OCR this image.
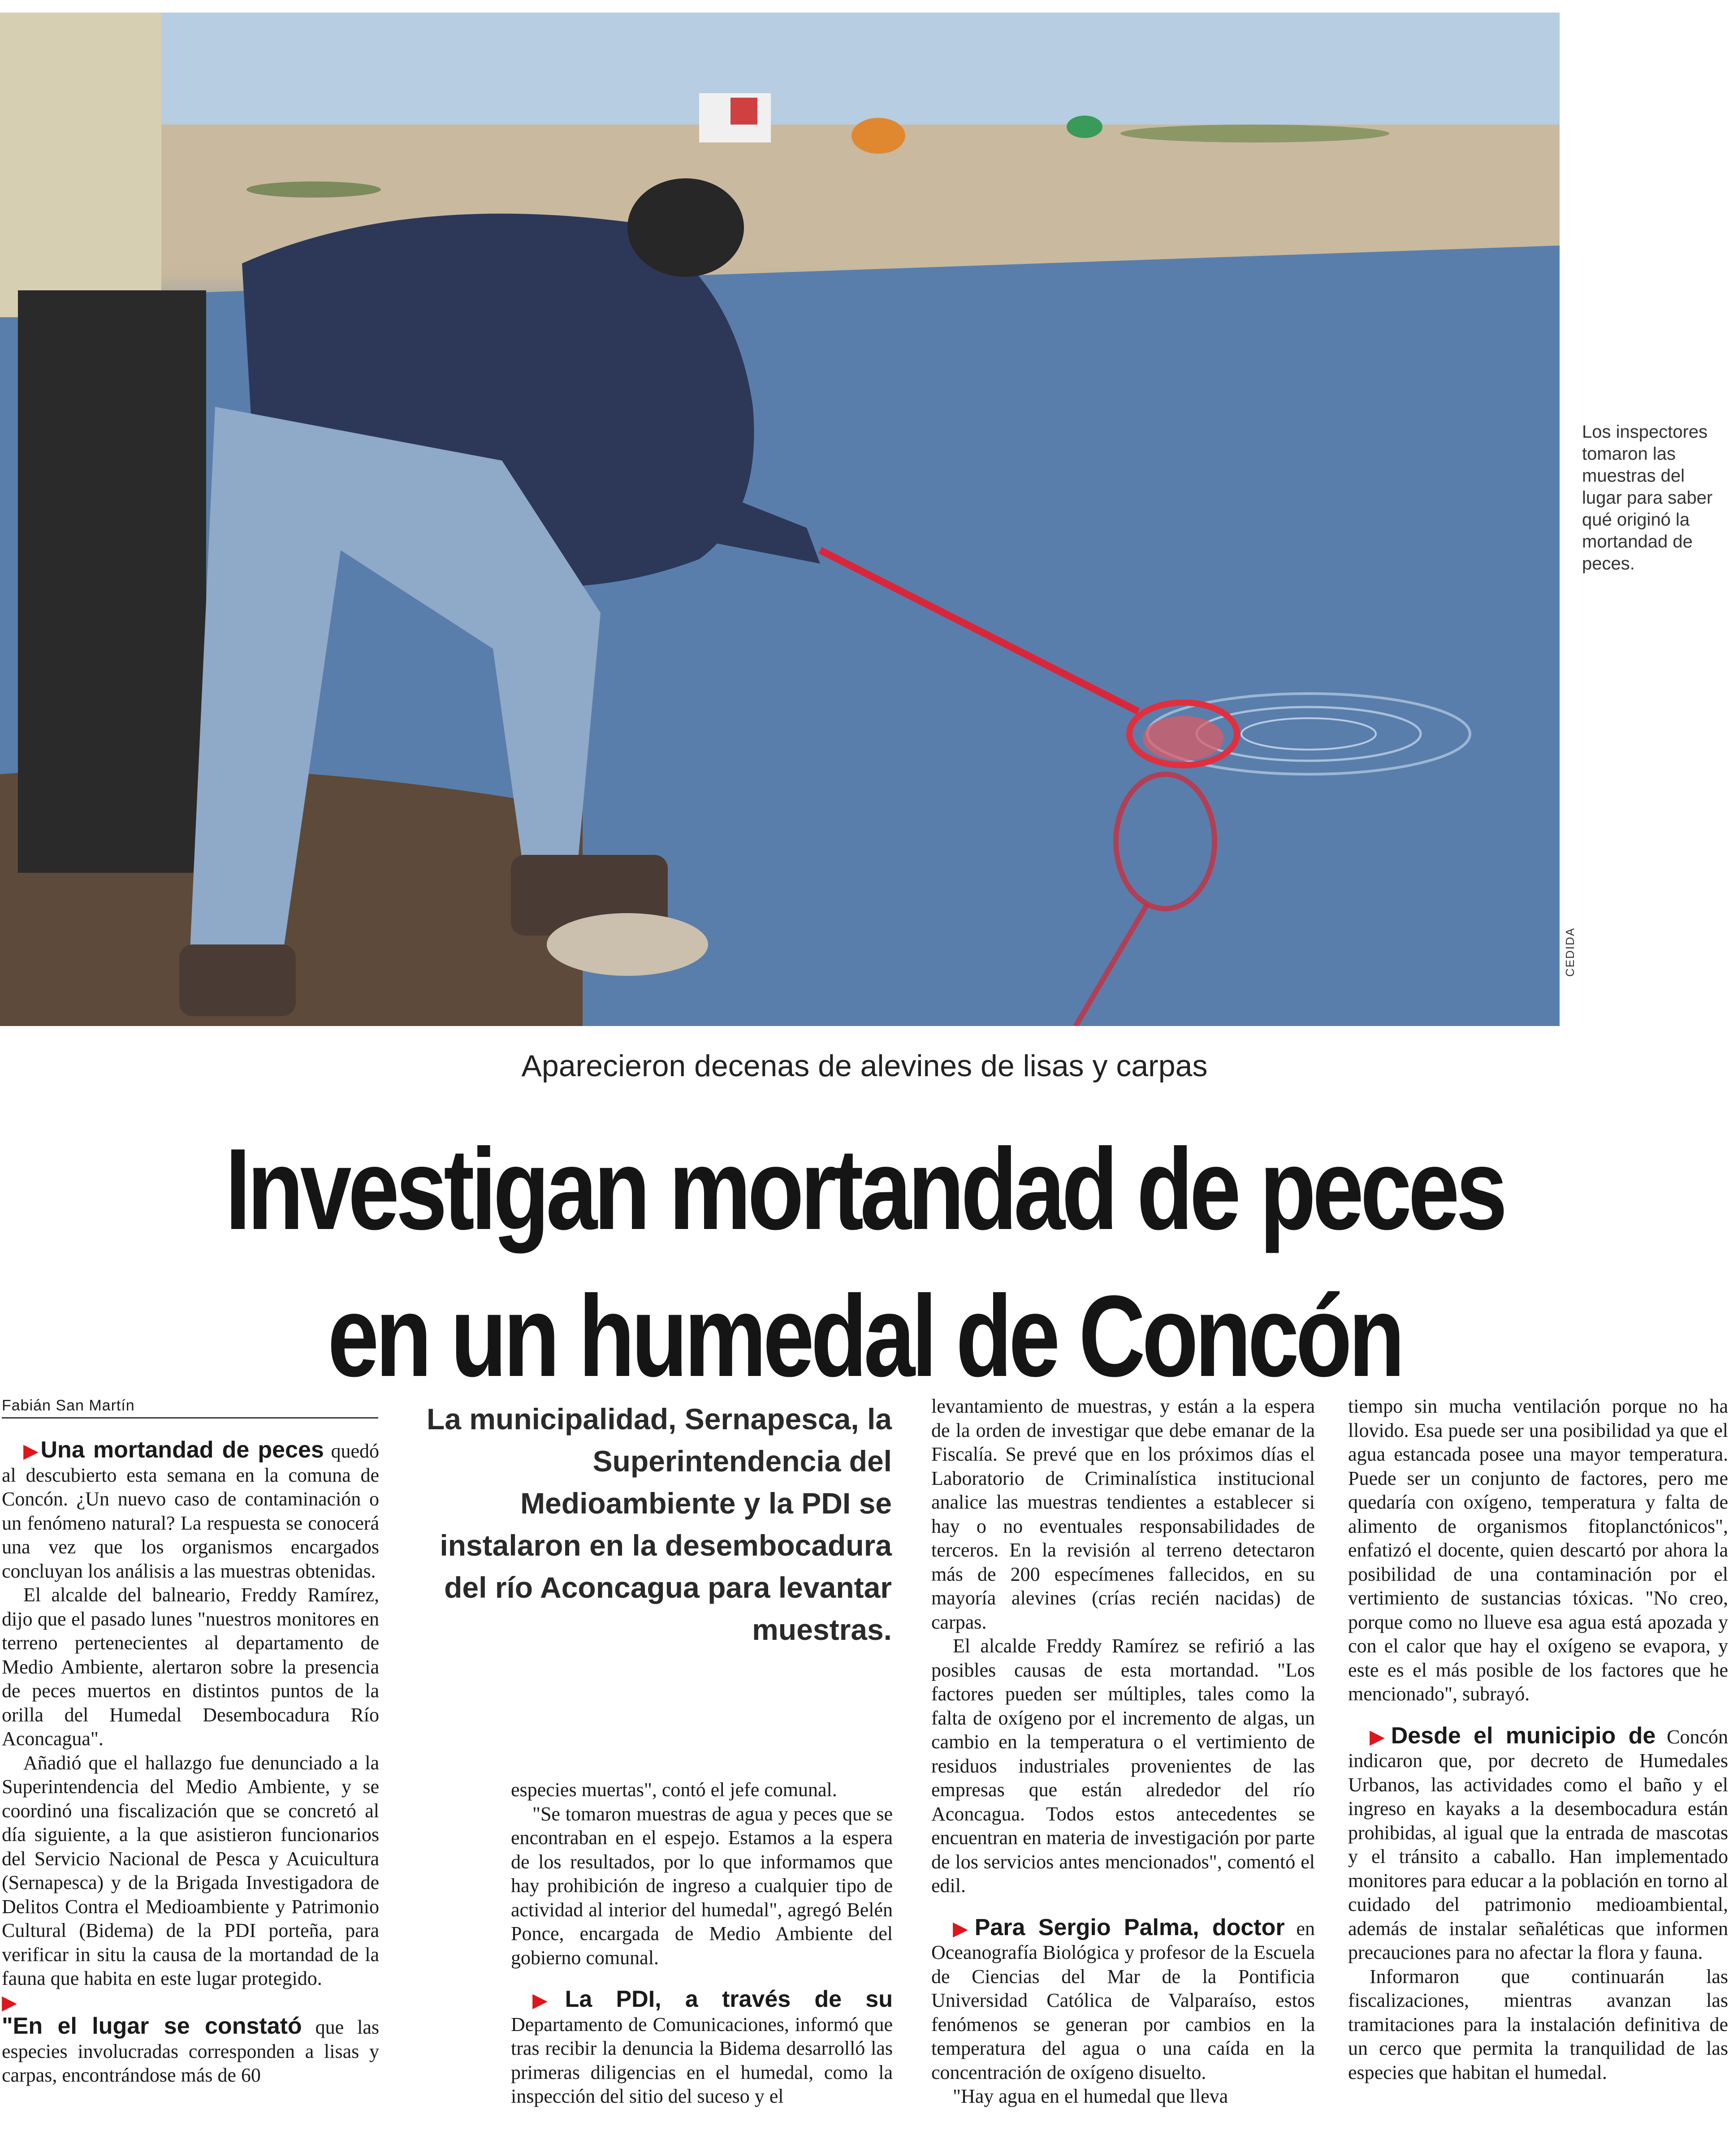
CEDIDA
Los inspectores tomaron las muestras del lugar para saber qué originó la mortandad de peces.
Aparecieron decenas de alevines de lisas y carpas
Investigan mortandad de peces
en un humedal de Concón
Fabián San Martín	La municipalidad, Sernapesca, la Superintendencia del Medioambiente y la PDI se instalaron en la desembocadura del río Aconcagua para levantar muestras.

▶Una mortandad de peces quedó al descubierto esta semana en la comuna de Concón. ¿Un nuevo caso de contaminación o un fenómeno natural? La respuesta se conocerá una vez que los organismos encargados concluyan los análisis a las muestras obtenidas.

El alcalde del balneario, Freddy Ramírez, dijo que el pasado lunes "nuestros monitores en terreno pertenecientes al departamento de Medio Ambiente, alertaron sobre la presencia de peces muertos en distintos puntos de la orilla del Humedal Desembocadura Río Aconcagua".

Añadió que el hallazgo fue denunciado a la Superintendencia del Medio Ambiente, y se coordinó una fiscalización que se concretó al día siguiente, a la que asistieron funcionarios del Servicio Nacional de Pesca y Acuicultura (Sernapesca) y de la Brigada Investigadora de Delitos Contra el Medioambiente y Patrimonio Cultural (Bidema) de la PDI porteña, para verificar in situ la causa de la mortandad de la fauna que habita en este lugar protegido.

▶
"En el lugar se constató que las especies involucradas corresponden a lisas y carpas, encontrándose más de 60

especies muertas", contó el jefe comunal.

"Se tomaron muestras de agua y peces que se encontraban en el espejo. Estamos a la espera de los resultados, por lo que informamos que hay prohibición de ingreso a cualquier tipo de actividad al interior del humedal", agregó Belén Ponce, encargada de Medio Ambiente del gobierno comunal.

▶La PDI, a través de su Departamento de Comunicaciones, informó que tras recibir la denuncia la Bidema desarrolló las primeras diligencias en el humedal, como la inspección del sitio del suceso y el

levantamiento de muestras, y están a la espera de la orden de investigar que debe emanar de la Fiscalía. Se prevé que en los próximos días el Laboratorio de Criminalística institucional analice las muestras tendientes a establecer si hay o no eventuales responsabilidades de terceros. En la revisión al terreno detectaron más de 200 especímenes fallecidos, en su mayoría alevines (crías recién nacidas) de carpas.

El alcalde Freddy Ramírez se refirió a las posibles causas de esta mortandad. "Los factores pueden ser múltiples, tales como la falta de oxígeno por el incremento de algas, un cambio en la temperatura o el vertimiento de residuos industriales provenientes de las empresas que están alrededor del río Aconcagua. Todos estos antecedentes se encuentran en materia de investigación por parte de los servicios antes mencionados", comentó el edil.

▶Para Sergio Palma, doctor en Oceanografía Biológica y profesor de la Escuela de Ciencias del Mar de la Pontificia Universidad Católica de Valparaíso, estos fenómenos se generan por cambios en la temperatura del agua o una caída en la concentración de oxígeno disuelto.

"Hay agua en el humedal que lleva

tiempo sin mucha ventilación porque no ha llovido. Esa puede ser una posibilidad ya que el agua estancada posee una mayor temperatura. Puede ser un conjunto de factores, pero me quedaría con oxígeno, temperatura y falta de alimento de organismos fitoplanctónicos", enfatizó el docente, quien descartó por ahora la posibilidad de una contaminación por el vertimiento de sustancias tóxicas. "No creo, porque como no llueve esa agua está apozada y con el calor que hay el oxígeno se evapora, y este es el más posible de los factores que he mencionado", subrayó.

▶Desde el municipio de Concón indicaron que, por decreto de Humedales Urbanos, las actividades como el baño y el ingreso en kayaks a la desembocadura están prohibidas, al igual que la entrada de mascotas y el tránsito a caballo. Han implementado monitores para educar a la población en torno al cuidado del patrimonio medioambiental, además de instalar señaléticas que informen precauciones para no afectar la flora y fauna.

Informaron que continuarán las fiscalizaciones, mientras avanzan las tramitaciones para la instalación definitiva de un cerco que permita la tranquilidad de las especies que habitan el humedal.
